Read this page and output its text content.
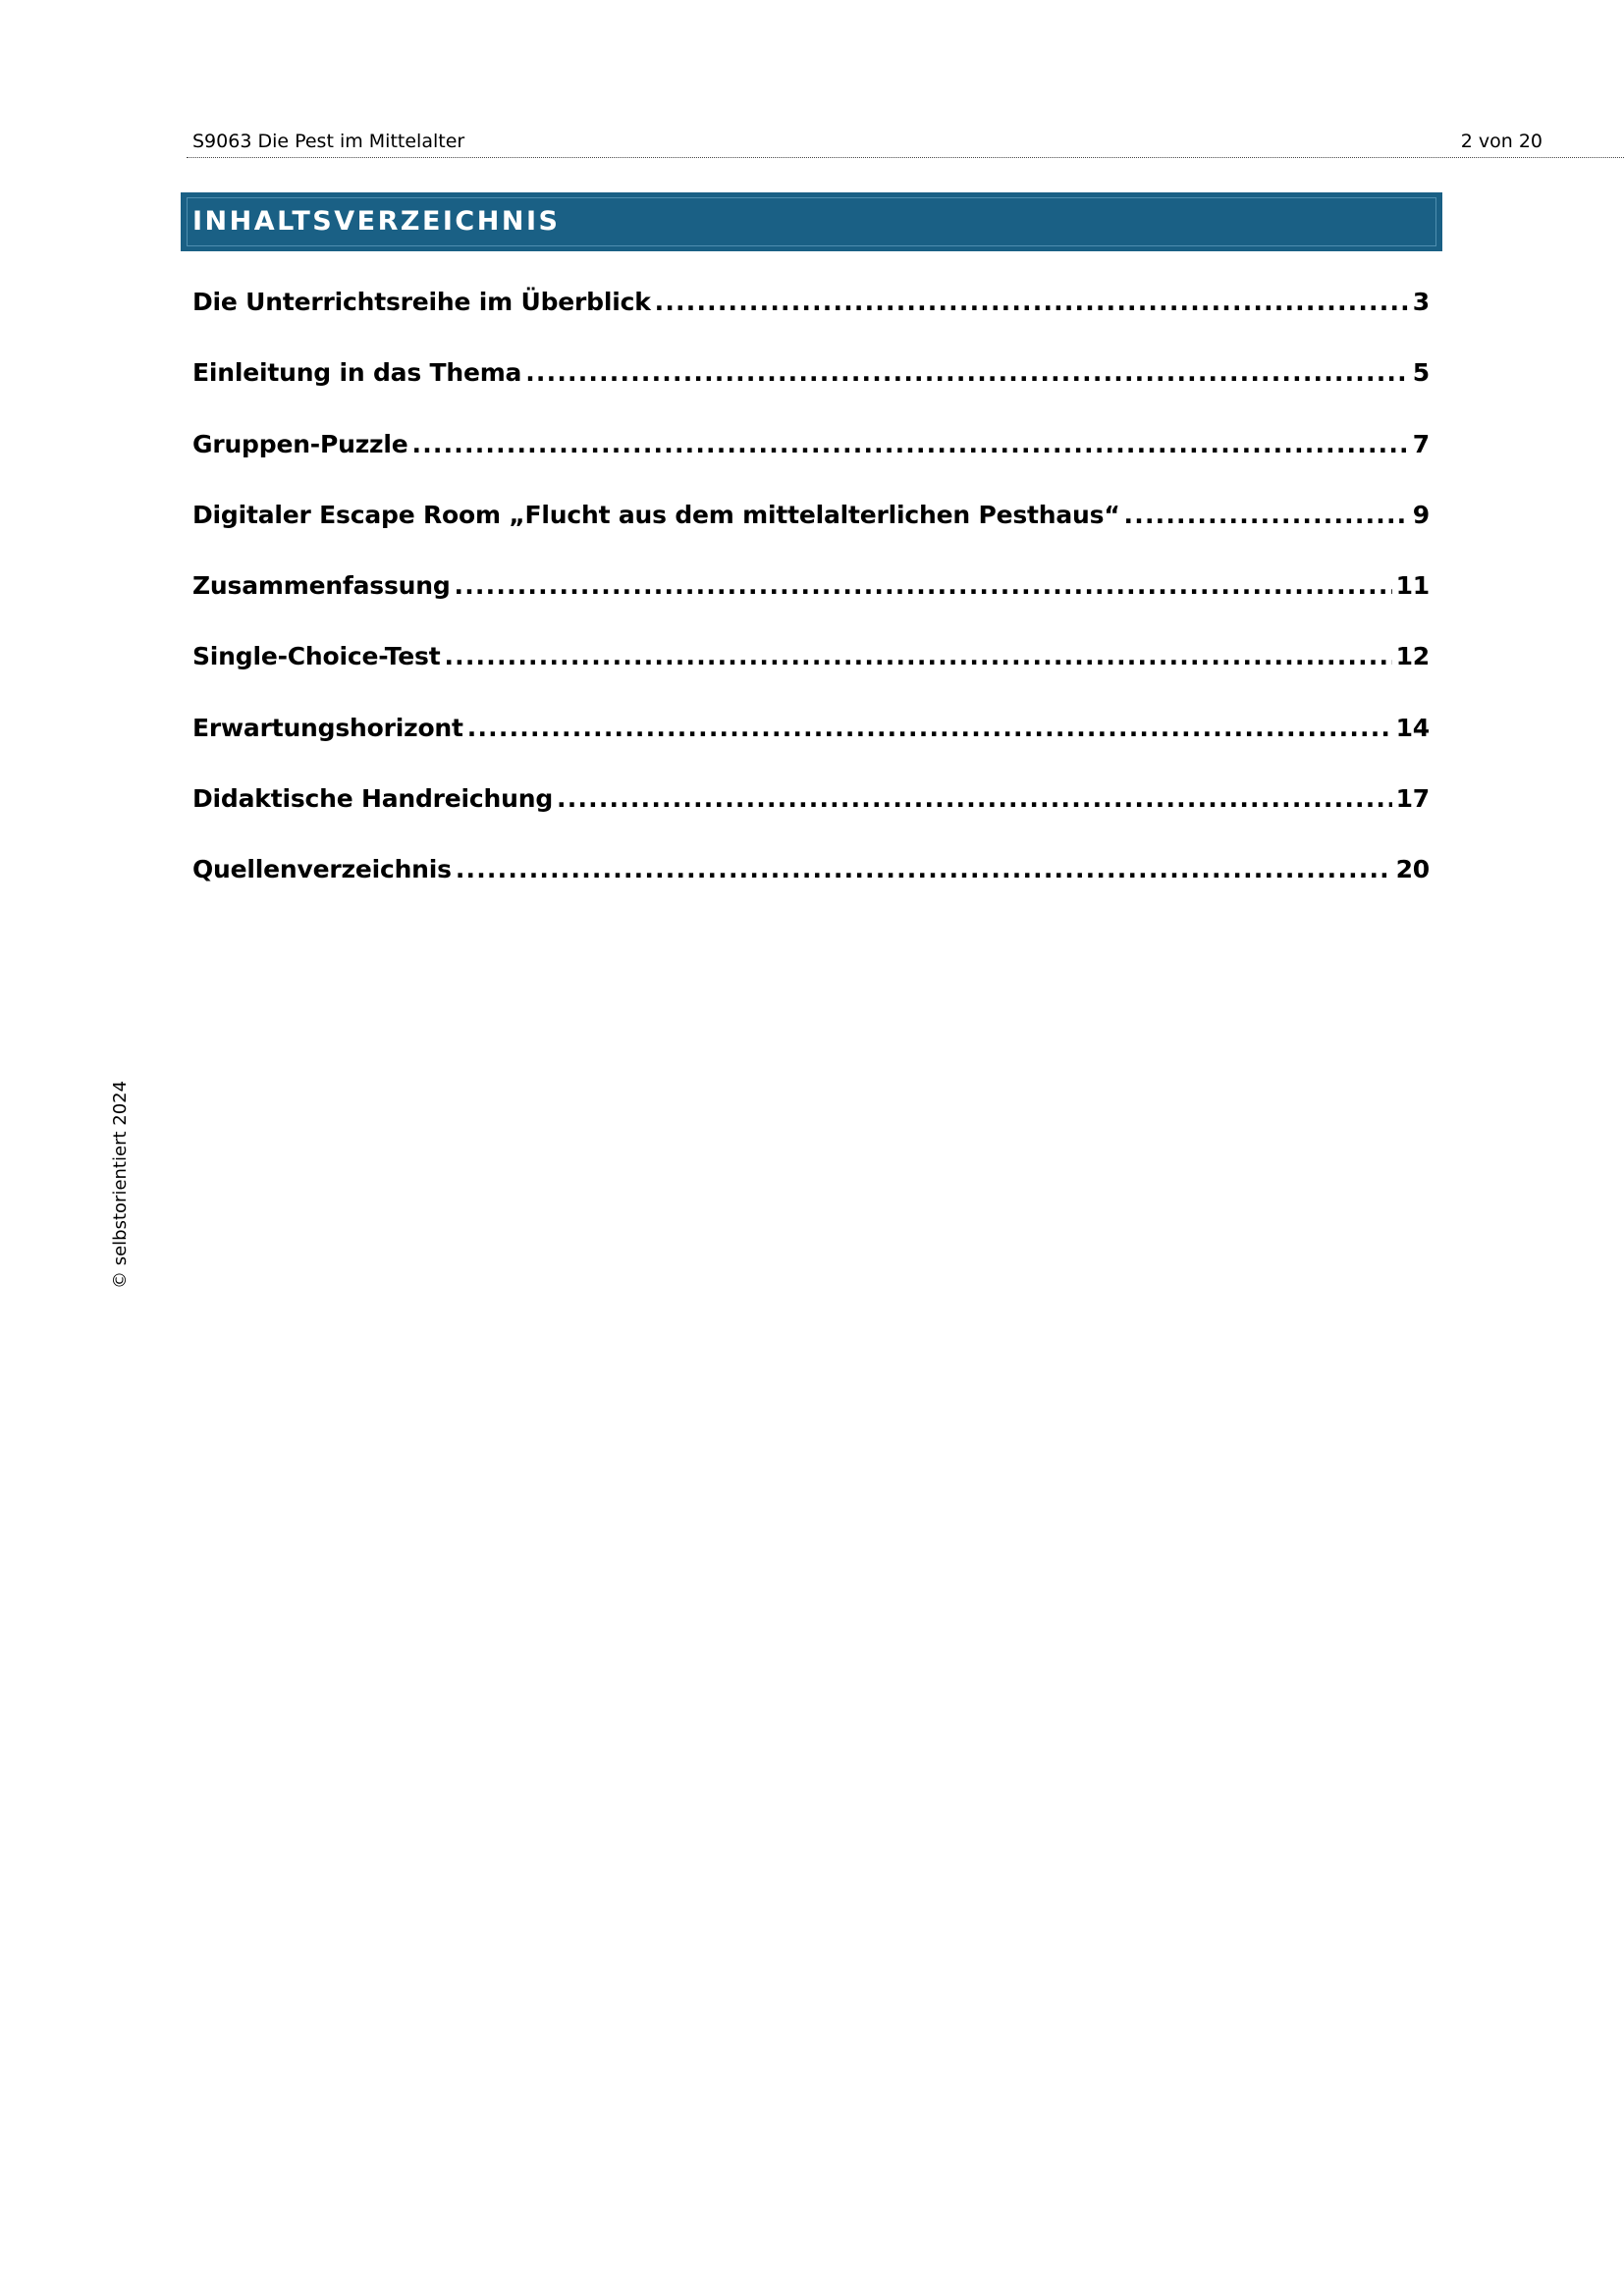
S9063 Die Pest im Mittelalter	2 von 20
INHALTSVERZEICHNIS
Die Unterrichtsreihe im Überblick .....	3
Einleitung in das Thema .....	5
Gruppen-Puzzle .....	7
Digitaler Escape Room „Flucht aus dem mittelalterlichen Pesthaus“ .....	9
Zusammenfassung .....	11
Single-Choice-Test .....	12
Erwartungshorizont .....	14
Didaktische Handreichung .....	17
Quellenverzeichnis .....	20
© selbstorientiert 2024
